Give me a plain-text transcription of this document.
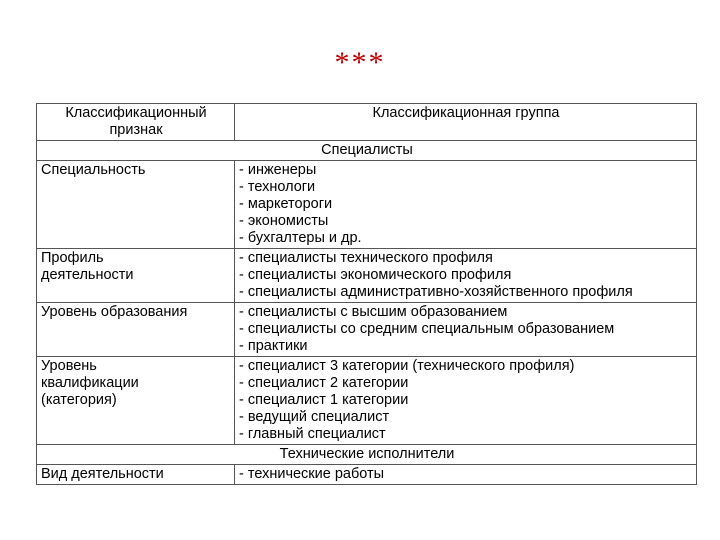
***
Классификационный
признак	Классификационная группа
Специалисты	

Специальность	- инженеры
- технологи
- маркетороги
- экономисты
- бухгалтеры и др.

Профиль
деятельности	- специалисты технического профиля
- специалисты экономического профиля
- специалисты административно-хозяйственного профиля

Уровень образования	- специалисты с высшим образованием
- специалисты со средним специальным образованием
- практики

Уровень
квалификации
(категория)	- специалист 3 категории (технического профиля)
- специалист 2 категории
- специалист 1 категории
- ведущий специалист
- главный специалист

Технические исполнители	

Вид деятельности	- технические работы
